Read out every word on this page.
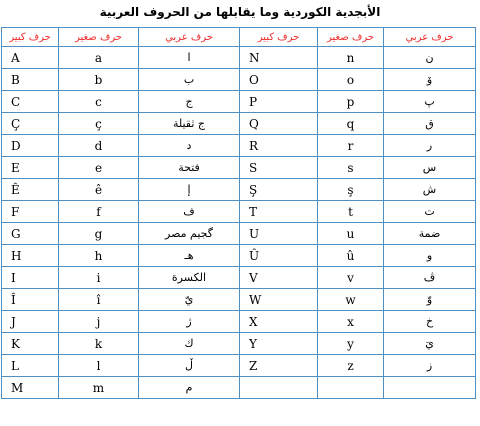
الأبجدية الكوردية وما يقابلها من الحروف العربية
حرف كبير	حرف صغير	حرف عربي	حرف كبير	حرف صغير	حرف عربي
A	a	ا	N	n	ن
B	b	ب	O	o	ۆ
C	c	ج	P	p	پ
Ç	ç	ج ثقيلة	Q	q	ق
D	d	د	R	r	ر
E	e	فتحة	S	s	س
Ê	ê	إ	Ş	ş	ش
F	f	ف	T	t	ت
G	g	گجيم مصر	U	u	ضمة
H	h	هـ	Û	û	و
I	i	الكسرة	V	v	ڤ
Î	î	يّ	W	w	وّ
J	j	ژ	X	x	خ
K	k	ك	Y	y	يَ
L	l	ڵ	Z	z	ز
M	m	م			
